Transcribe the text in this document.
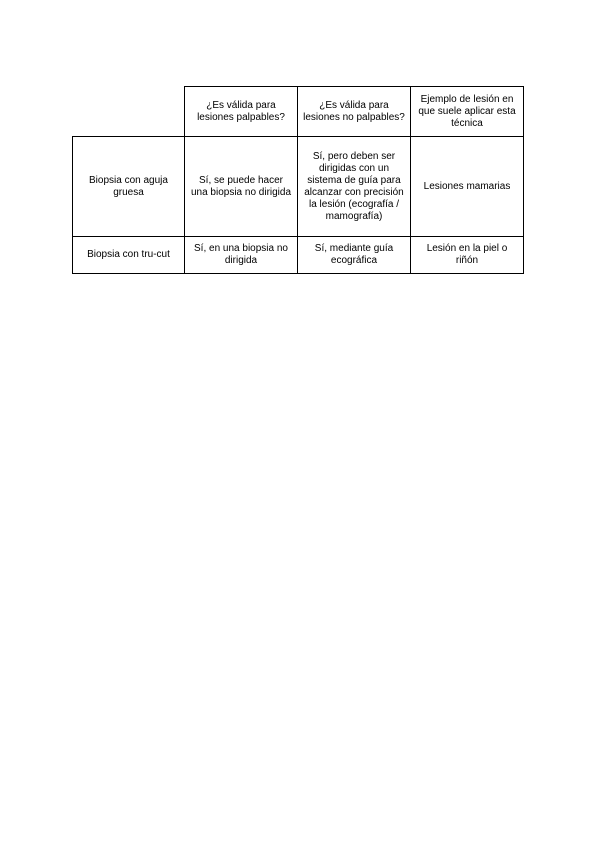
	¿Es válida para lesiones palpables?	¿Es válida para lesiones no palpables?	Ejemplo de lesión en que suele aplicar esta técnica
Biopsia con aguja gruesa	Sí, se puede hacer una biopsia no dirigida	Sí, pero deben ser dirigidas con un sistema de guía para alcanzar con precisión la lesión (ecografía / mamografía)	Lesiones mamarias
Biopsia con tru-cut	Sí, en una biopsia no dirigida	Sí, mediante guía ecográfica	Lesión en la piel o riñón
